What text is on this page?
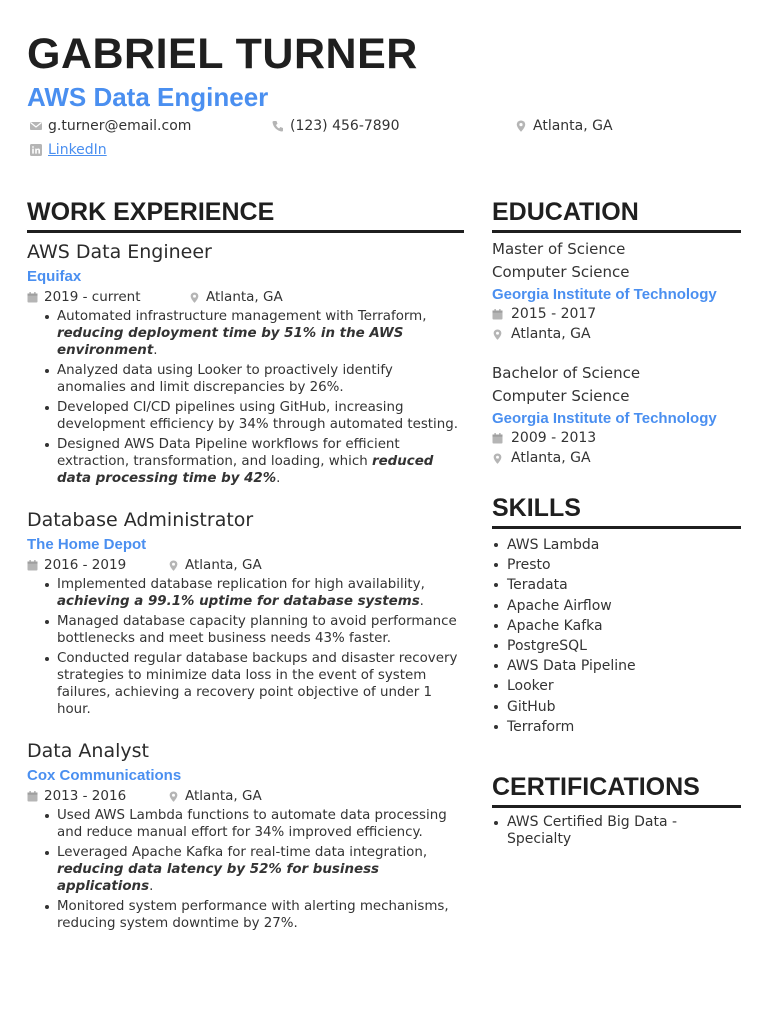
GABRIEL TURNER
AWS Data Engineer
g.turner@email.com	(123) 456-7890	Atlanta, GA
LinkedIn
WORK EXPERIENCE
AWS Data Engineer
Equifax
2019 - current	Atlanta, GA
Automated infrastructure management with Terraform, reducing deployment time by 51% in the AWS environment.
Analyzed data using Looker to proactively identify anomalies and limit discrepancies by 26%.
Developed CI/CD pipelines using GitHub, increasing development efficiency by 34% through automated testing.
Designed AWS Data Pipeline workflows for efficient extraction, transformation, and loading, which reduced data processing time by 42%.
Database Administrator
The Home Depot
2016 - 2019	Atlanta, GA
Implemented database replication for high availability, achieving a 99.1% uptime for database systems.
Managed database capacity planning to avoid performance bottlenecks and meet business needs 43% faster.
Conducted regular database backups and disaster recovery strategies to minimize data loss in the event of system failures, achieving a recovery point objective of under 1 hour.
Data Analyst
Cox Communications
2013 - 2016	Atlanta, GA
Used AWS Lambda functions to automate data processing and reduce manual effort for 34% improved efficiency.
Leveraged Apache Kafka for real-time data integration, reducing data latency by 52% for business applications.
Monitored system performance with alerting mechanisms, reducing system downtime by 27%.
EDUCATION
Master of Science
Computer Science
Georgia Institute of Technology
2015 - 2017
Atlanta, GA
Bachelor of Science
Computer Science
Georgia Institute of Technology
2009 - 2013
Atlanta, GA
SKILLS
AWS Lambda
Presto
Teradata
Apache Airflow
Apache Kafka
PostgreSQL
AWS Data Pipeline
Looker
GitHub
Terraform
CERTIFICATIONS
AWS Certified Big Data - Specialty
